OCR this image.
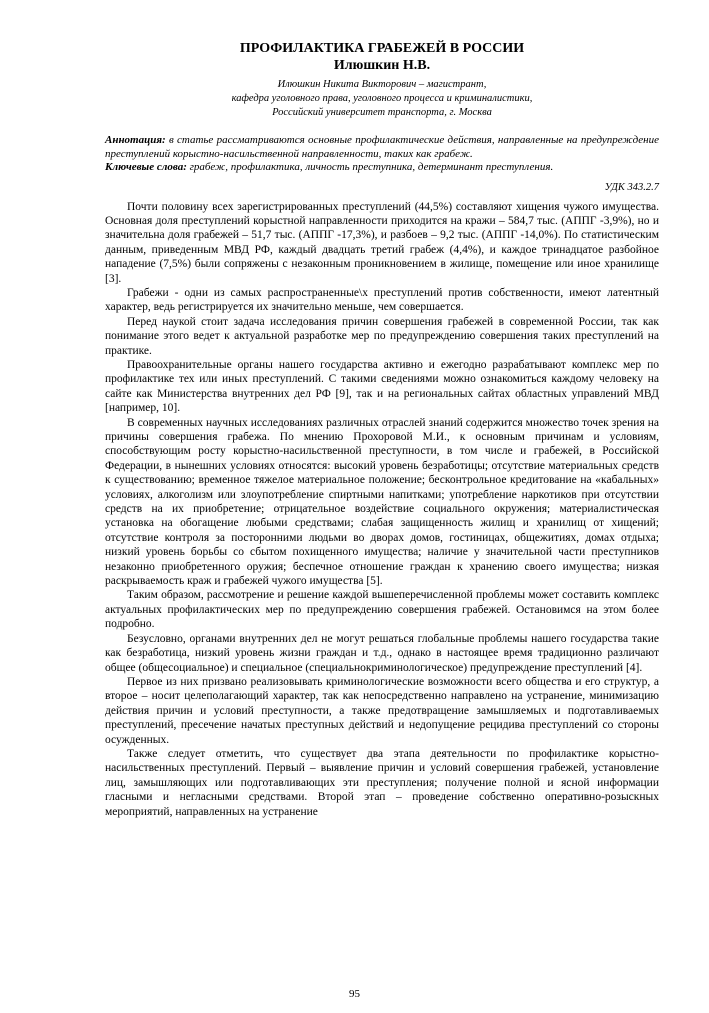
ПРОФИЛАКТИКА ГРАБЕЖЕЙ В РОССИИ
Илюшкин Н.В.

Илюшкин Никита Викторович – магистрант,

кафедра уголовного права, уголовного процесса и криминалистики,

Российский университет транспорта, г. Москва

Аннотация: в статье рассматриваются основные профилактические действия, направленные на предупреждение преступлений корыстно-насильственной направленности, таких как грабеж.

Ключевые слова: грабеж, профилактика, личность преступника, детерминант преступления.

УДК 343.2.7

Почти половину всех зарегистрированных преступлений (44,5%) составляют хищения чужого имущества. Основная доля преступлений корыстной направленности приходится на кражи – 584,7 тыс. (АППГ -3,9%), но и значительна доля грабежей – 51,7 тыс. (АППГ -17,3%), и разбоев – 9,2 тыс. (АППГ -14,0%). По статистическим данным, приведенным МВД РФ, каждый двадцать третий грабеж (4,4%), и каждое тринадцатое разбойное нападение (7,5%) были сопряжены с незаконным проникновением в жилище, помещение или иное хранилище [3].

Грабежи - одни из самых распространенные\х преступлений против собственности, имеют латентный характер, ведь регистрируется их значительно меньше, чем совершается.

Перед наукой стоит задача исследования причин совершения грабежей в современной России, так как понимание этого ведет к актуальной разработке мер по предупреждению совершения таких преступлений на практике.

Правоохранительные органы нашего государства активно и ежегодно разрабатывают комплекс мер по профилактике тех или иных преступлений. С такими сведениями можно ознакомиться каждому человеку на сайте как Министерства внутренних дел РФ [9], так и на региональных сайтах областных управлений МВД [например, 10].

В современных научных исследованиях различных отраслей знаний содержится множество точек зрения на причины совершения грабежа. По мнению Прохоровой М.И., к основным причинам и условиям, способствующим росту корыстно-насильственной преступности, в том числе и грабежей, в Российской Федерации, в нынешних условиях относятся: высокий уровень безработицы; отсутствие материальных средств к существованию; временное тяжелое материальное положение; бесконтрольное кредитование на «кабальных» условиях, алкоголизм или злоупотребление спиртными напитками; употребление наркотиков при отсутствии средств на их приобретение; отрицательное воздействие социального окружения; материалистическая установка на обогащение любыми средствами; слабая защищенность жилищ и хранилищ от хищений; отсутствие контроля за посторонними людьми во дворах домов, гостиницах, общежитиях, домах отдыха; низкий уровень борьбы со сбытом похищенного имущества; наличие у значительной части преступников незаконно приобретенного оружия; беспечное отношение граждан к хранению своего имущества; низкая раскрываемость краж и грабежей чужого имущества [5].

Таким образом, рассмотрение и решение каждой вышеперечисленной проблемы может составить комплекс актуальных профилактических мер по предупреждению совершения грабежей. Остановимся на этом более подробно.

Безусловно, органами внутренних дел не могут решаться глобальные проблемы нашего государства такие как безработица, низкий уровень жизни граждан и т.д., однако в настоящее время традиционно различают общее (общесоциальное) и специальное (специальнокриминологическое) предупреждение преступлений [4].

Первое из них призвано реализовывать криминологические возможности всего общества и его структур, а второе – носит целеполагающий характер, так как непосредственно направлено на устранение, минимизацию действия причин и условий преступности, а также предотвращение замышляемых и подготавливаемых преступлений, пресечение начатых преступных действий и недопущение рецидива преступлений со стороны осужденных.

Также следует отметить, что существует два этапа деятельности по профилактике корыстно-насильственных преступлений. Первый – выявление причин и условий совершения грабежей, установление лиц, замышляющих или подготавливающих эти преступления; получение полной и ясной информации гласными и негласными средствами. Второй этап – проведение собственно оперативно-розыскных мероприятий, направленных на устранение

95
